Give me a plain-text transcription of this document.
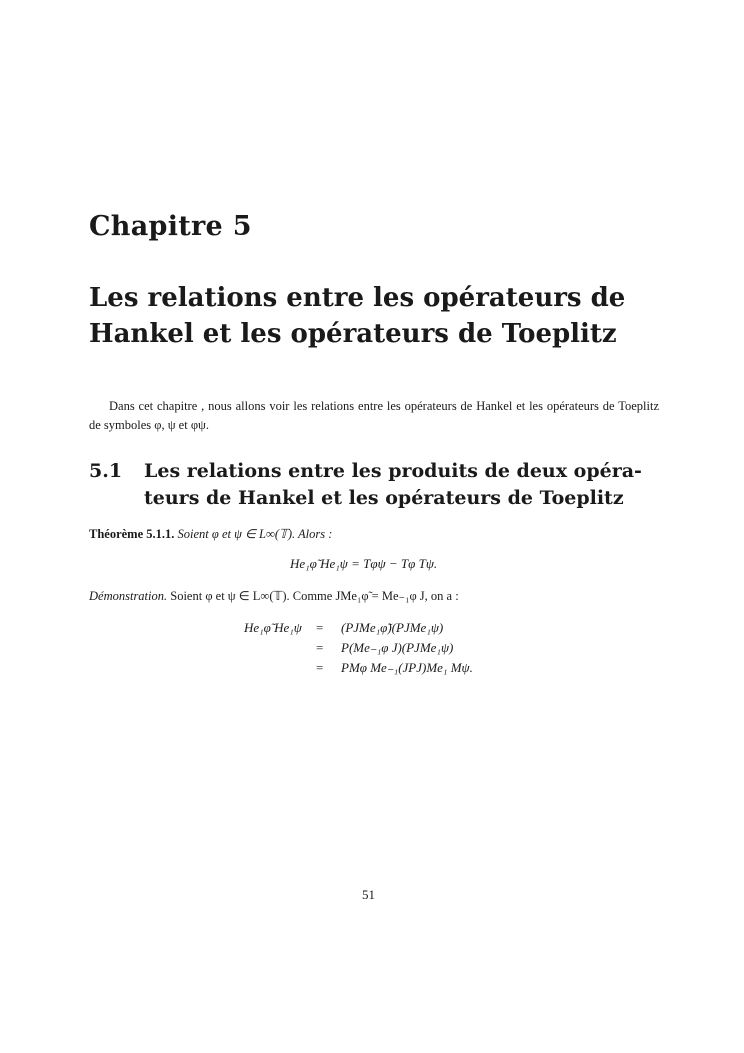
Chapitre 5
Les relations entre les opérateurs de
Hankel et les opérateurs de Toeplitz
Dans cet chapitre , nous allons voir les relations entre les opérateurs de Hankel et les opérateurs de Toeplitz de symboles φ, ψ et φψ.
5.1 Les relations entre les produits de deux opéra-
teurs de Hankel et les opérateurs de Toeplitz
Théorème 5.1.1. Soient φ et ψ ∈ L∞(𝕋). Alors :
He₁φ̃ He₁ψ = Tφψ − Tφ Tψ.
Démonstration. Soient φ et ψ ∈ L∞(𝕋). Comme JMe₁φ̃ = Me₋₁φ J, on a :
He₁φ̃ He₁ψ = (PJMe₁φ̃)(PJMe₁ψ)
= P(Me₋₁φ J)(PJMe₁ψ)
= PMφ Me₋₁(JPJ)Me₁ Mψ.
51
